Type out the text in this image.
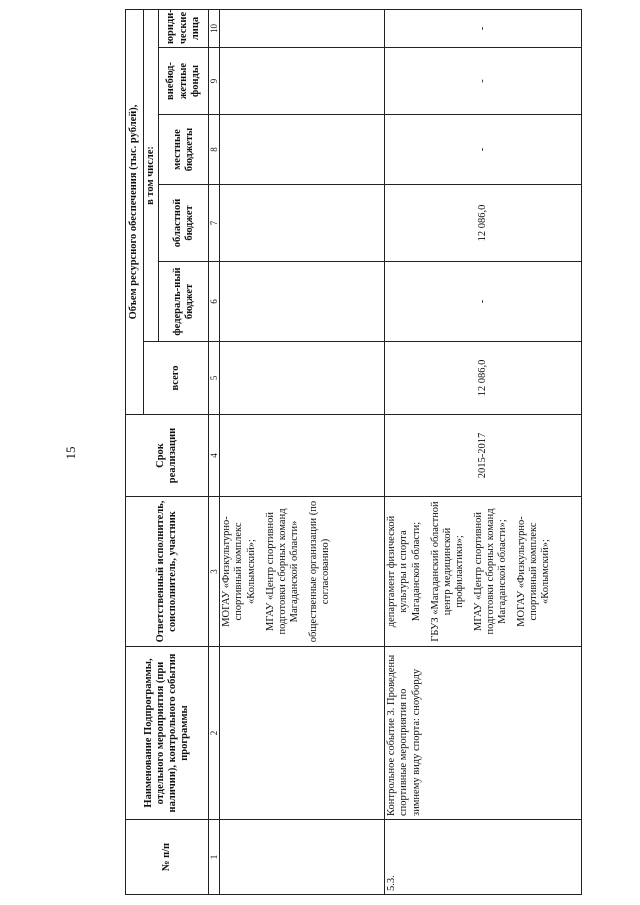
15
№ п/п	Наименование Подпрограммы, отдельного мероприятия (при наличии), контрольного события программы	Ответственный исполнитель, соисполнитель, участник	Срок реализации	Объем ресурсного обеспечения (тыс. рублей),					
				всего	в том числе:				
					федераль-ный бюджет	областной бюджет	местные бюджеты	внебюд-жетные фонды	юриди-ческие лица
1	2	3	4	5	6	7	8	9	10

		МОГАУ «Физкультурно-спортивный комплекс «Колымский»; МГАУ «Центр спортивной подготовки сборных команд Магаданской области» общественные организации (по согласованию)							

5.3.	Контрольное событие 3. Проведены спортивные мероприятия по зимнему виду спорта: сноуборду	департамент физической культуры и спорта Магаданской области; ГБУЗ «Магаданский областной центр медицинской профилактики»; МГАУ «Центр спортивной подготовки сборных команд Магаданской области»; МОГАУ «Физкультурно-спортивный комплекс «Колымский»;	2015-2017	12 086,0	-	12 086,0	-	-	-
